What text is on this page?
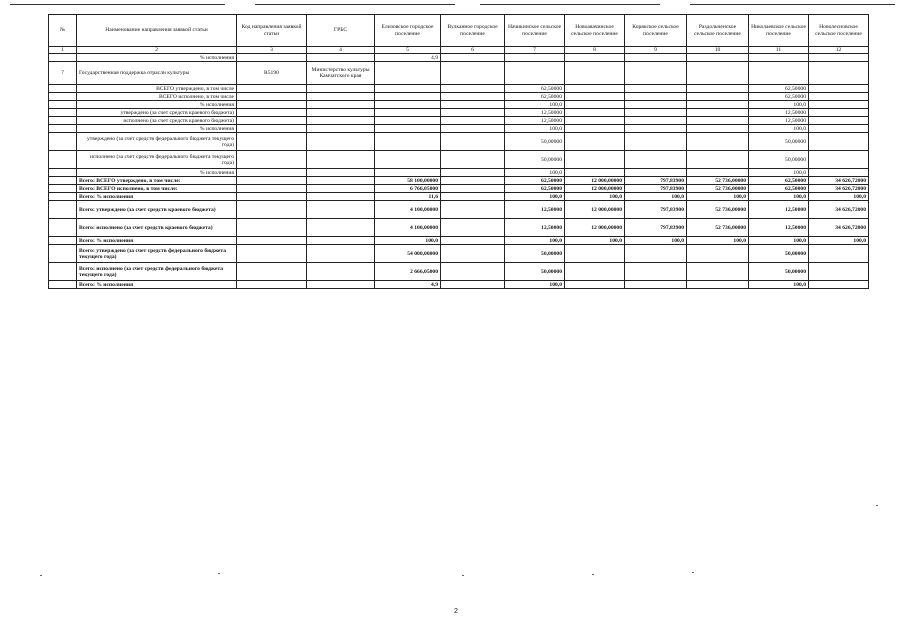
№	Наименование направления заявкой статьи	Код направления заявкой статьи	ГРБС	Елизовское городское поселение	Вулканное городское поселение	Начикинское сельское поселение	Новоавачинское сельское поселение	Корякское сельское поселение	Раздольненское сельское поселение	Николаевское сельское поселение	Новолесновское сельское поселение
1	2	3	4	5	6	7	8	9	10	11	12
	% исполнения			4,9							
7	Государственная поддержка отрасли культуры	R5190	Министерство культуры Камчатского края								
	ВСЕГО утверждено, в том числе					62,50000				62,50000	
	ВСЕГО исполнено, в том числе					62,50000				62,50000	
	% исполнения					100,0				100,0	
	утверждено (за счет средств краевого бюджета)					12,50000				12,50000	
	исполнено (за счет средств краевого бюджета)					12,50000				12,50000	
	% исполнения					100,0				100,0	
	утверждено (за счет средств федерального бюджета текущего года)					50,00000				50,00000	
	исполнено (за счет средств федерального бюджета текущего года)					50,00000				50,00000	
	% исполнения					100,0				100,0	
	Всего: ВСЕГО утверждено, в том числе:			58 100,00000		62,50000	12 000,00000	797,83900	52 736,00000	62,50000	34 626,72000
	Всего: ВСЕГО исполнено, в том числе:			6 766,05000		62,50000	12 000,00000	797,83900	52 736,00000	62,50000	34 626,72000
	Всего: % исполнения			11,6		100,0	100,0	100,0	100,0	100,0	100,0
	Всего: утверждено (за счет средств краевого бюджета)			4 100,00000		12,50000	12 000,00000	797,83900	52 736,00000	12,50000	34 626,72000
	Всего: исполнено (за счет средств краевого бюджета)			4 100,00000		12,50000	12 000,00000	797,83900	52 736,00000	12,50000	34 626,72000
	Всего: % исполнения			100,0		100,0	100,0	100,0	100,0	100,0	100,0
	Всего: утверждено (за счет средств федерального бюджета текущего года)			54 000,00000		50,00000				50,00000	
	Всего: исполнено (за счет средств федерального бюджета текущего года)			2 666,05000		50,00000				50,00000	
	Всего: % исполнения			4,9		100,0				100,0	
2
